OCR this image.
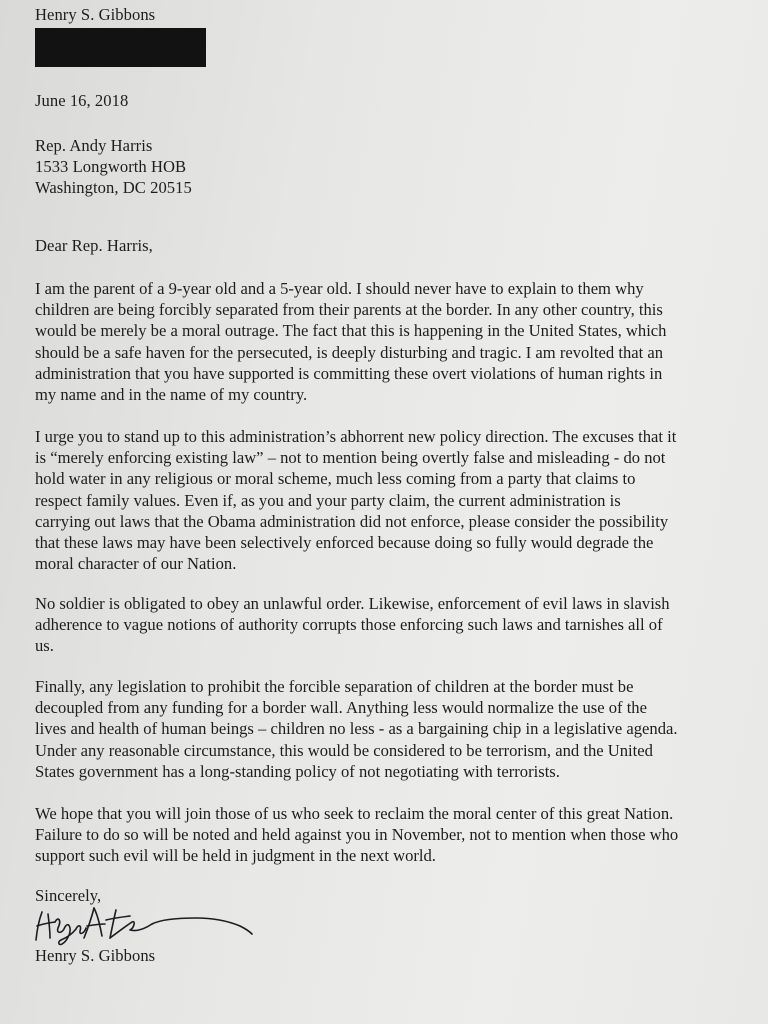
Henry S. Gibbons
June 16, 2018
Rep. Andy Harris
1533 Longworth HOB
Washington, DC 20515
Dear Rep. Harris,
I am the parent of a 9-year old and a 5-year old. I should never have to explain to them why
children are being forcibly separated from their parents at the border. In any other country, this
would be merely be a moral outrage. The fact that this is happening in the United States, which
should be a safe haven for the persecuted, is deeply disturbing and tragic. I am revolted that an
administration that you have supported is committing these overt violations of human rights in
my name and in the name of my country.
I urge you to stand up to this administration’s abhorrent new policy direction. The excuses that it
is “merely enforcing existing law” – not to mention being overtly false and misleading - do not
hold water in any religious or moral scheme, much less coming from a party that claims to
respect family values. Even if, as you and your party claim, the current administration is
carrying out laws that the Obama administration did not enforce, please consider the possibility
that these laws may have been selectively enforced because doing so fully would degrade the
moral character of our Nation.
No soldier is obligated to obey an unlawful order. Likewise, enforcement of evil laws in slavish
adherence to vague notions of authority corrupts those enforcing such laws and tarnishes all of
us.
Finally, any legislation to prohibit the forcible separation of children at the border must be
decoupled from any funding for a border wall. Anything less would normalize the use of the
lives and health of human beings – children no less - as a bargaining chip in a legislative agenda.
Under any reasonable circumstance, this would be considered to be terrorism, and the United
States government has a long-standing policy of not negotiating with terrorists.
We hope that you will join those of us who seek to reclaim the moral center of this great Nation.
Failure to do so will be noted and held against you in November, not to mention when those who
support such evil will be held in judgment in the next world.
Sincerely,
Henry S. Gibbons
